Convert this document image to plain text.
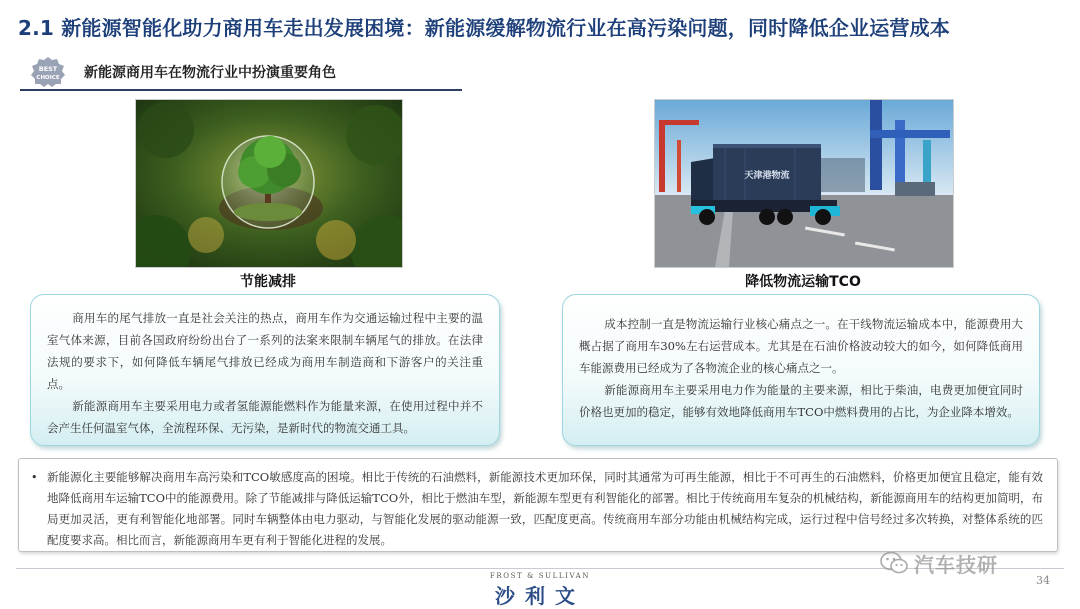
2.1 新能源智能化助力商用车走出发展困境：新能源缓解物流行业在高污染问题，同时降低企业运营成本
BEST
CHOICE 新能源商用车在物流行业中扮演重要角色
节能减排
天津港物流
降低物流运输TCO

商用车的尾气排放一直是社会关注的热点，商用车作为交通运输过程中主要的温室气体来源，目前各国政府纷纷出台了一系列的法案来限制车辆尾气的排放。在法律法规的要求下，如何降低车辆尾气排放已经成为商用车制造商和下游客户的关注重点。

新能源商用车主要采用电力或者氢能源能燃料作为能量来源，在使用过程中并不会产生任何温室气体，全流程环保、无污染，是新时代的物流交通工具。

成本控制一直是物流运输行业核心痛点之一。在干线物流运输成本中，能源费用大概占据了商用车30%左右运营成本。尤其是在石油价格波动较大的如今，如何降低商用车能源费用已经成为了各物流企业的核心痛点之一。

新能源商用车主要采用电力作为能量的主要来源，相比于柴油，电费更加便宜同时价格也更加的稳定，能够有效地降低商用车TCO中燃料费用的占比，为企业降本增效。

• 新能源化主要能够解决商用车高污染和TCO敏感度高的困境。相比于传统的石油燃料，新能源技术更加环保，同时其通常为可再生能源，相比于不可再生的石油燃料，价格更加便宜且稳定，能有效地降低商用车运输TCO中的能源费用。除了节能减排与降低运输TCO外，相比于燃油车型，新能源车型更有利智能化的部署。相比于传统商用车复杂的机械结构，新能源商用车的结构更加简明，布局更加灵活，更有利智能化地部署。同时车辆整体由电力驱动，与智能化发展的驱动能源一致，匹配度更高。传统商用车部分功能由机械结构完成，运行过程中信号经过多次转换，对整体系统的匹配度要求高。相比而言，新能源商用车更有利于智能化进程的发展。
汽车技研
FROST & SULLIVAN
沙利文
34
